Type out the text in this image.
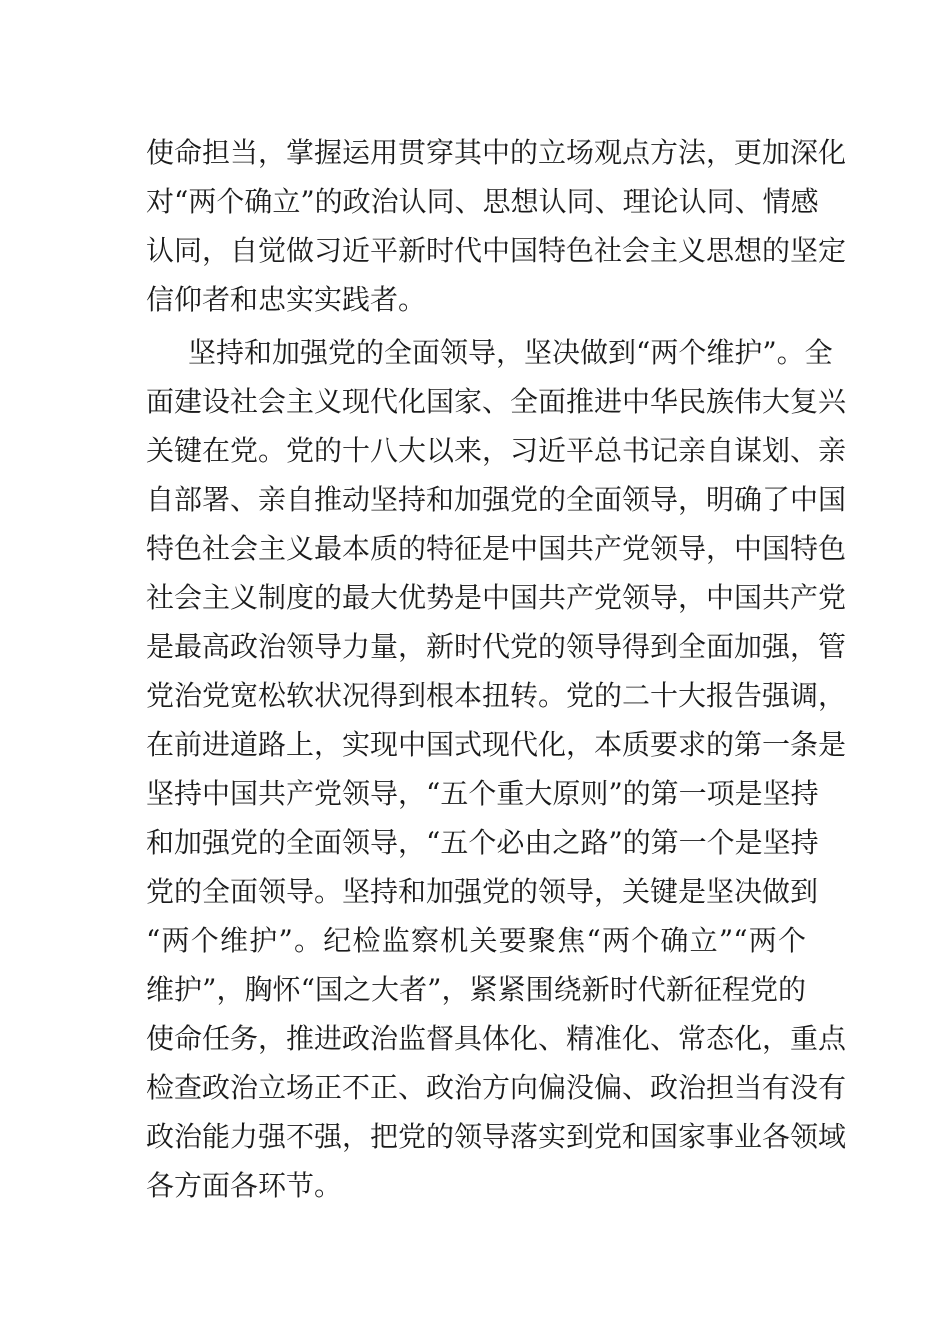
使命担当，掌握运用贯穿其中的立场观点方法，更加深化
对“两个确立”的政治认同、思想认同、理论认同、情感
认同，自觉做习近平新时代中国特色社会主义思想的坚定
信仰者和忠实实践者。
坚持和加强党的全面领导，坚决做到“两个维护”。全
面建设社会主义现代化国家、全面推进中华民族伟大复兴
关键在党。党的十八大以来，习近平总书记亲自谋划、亲
自部署、亲自推动坚持和加强党的全面领导，明确了中国
特色社会主义最本质的特征是中国共产党领导，中国特色
社会主义制度的最大优势是中国共产党领导，中国共产党
是最高政治领导力量，新时代党的领导得到全面加强，管
党治党宽松软状况得到根本扭转。党的二十大报告强调，
在前进道路上，实现中国式现代化，本质要求的第一条是
坚持中国共产党领导，“五个重大原则”的第一项是坚持
和加强党的全面领导，“五个必由之路”的第一个是坚持
党的全面领导。坚持和加强党的领导，关键是坚决做到
“两个维护”。纪检监察机关要聚焦“两个确立”“两个
维护”，胸怀“国之大者”，紧紧围绕新时代新征程党的
使命任务，推进政治监督具体化、精准化、常态化，重点
检查政治立场正不正、政治方向偏没偏、政治担当有没有
政治能力强不强，把党的领导落实到党和国家事业各领域
各方面各环节。
